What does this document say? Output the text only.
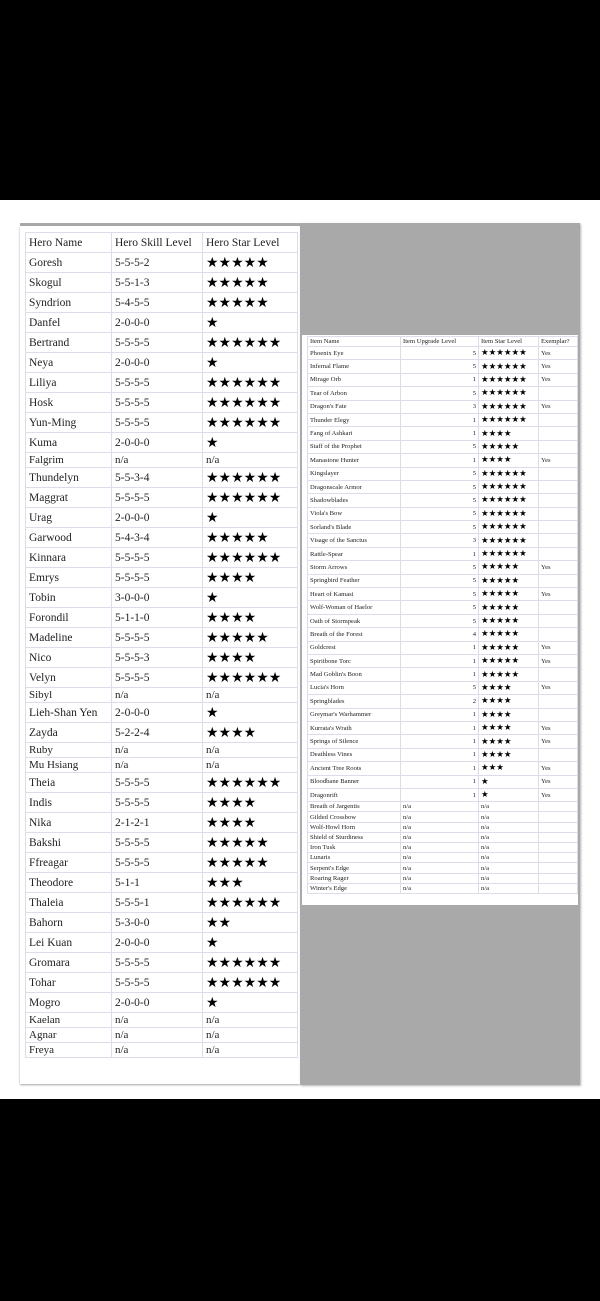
Hero Name	Hero Skill Level	Hero Star Level
Goresh	5-5-5-2	★★★★★
Skogul	5-5-1-3	★★★★★
Syndrion	5-4-5-5	★★★★★
Danfel	2-0-0-0	★
Bertrand	5-5-5-5	★★★★★★
Neya	2-0-0-0	★
Liliya	5-5-5-5	★★★★★★
Hosk	5-5-5-5	★★★★★★
Yun-Ming	5-5-5-5	★★★★★★
Kuma	2-0-0-0	★
Falgrim	n/a	n/a
Thundelyn	5-5-3-4	★★★★★★
Maggrat	5-5-5-5	★★★★★★
Urag	2-0-0-0	★
Garwood	5-4-3-4	★★★★★
Kinnara	5-5-5-5	★★★★★★
Emrys	5-5-5-5	★★★★
Tobin	3-0-0-0	★
Forondil	5-1-1-0	★★★★
Madeline	5-5-5-5	★★★★★
Nico	5-5-5-3	★★★★
Velyn	5-5-5-5	★★★★★★
Sibyl	n/a	n/a
Lieh-Shan Yen	2-0-0-0	★
Zayda	5-2-2-4	★★★★
Ruby	n/a	n/a
Mu Hsiang	n/a	n/a
Theia	5-5-5-5	★★★★★★
Indis	5-5-5-5	★★★★
Nika	2-1-2-1	★★★★
Bakshi	5-5-5-5	★★★★★
Ffreagar	5-5-5-5	★★★★★
Theodore	5-1-1	★★★
Thaleia	5-5-5-1	★★★★★★
Bahorn	5-3-0-0	★★
Lei Kuan	2-0-0-0	★
Gromara	5-5-5-5	★★★★★★
Tohar	5-5-5-5	★★★★★★
Mogro	2-0-0-0	★
Kaelan	n/a	n/a
Agnar	n/a	n/a
Freya	n/a	n/a
Item Name	Item Upgrade Level	Item Star Level	Exemplar?
Phoenix Eye	5	★★★★★★	Yes
Infernal Flame	5	★★★★★★	Yes
Mirage Orb	1	★★★★★★	Yes
Tear of Arbon	5	★★★★★★	
Dragon's Fate	3	★★★★★★	Yes
Thunder Elegy	1	★★★★★★	
Fang of Ashkari	1	★★★★	
Staff of the Prophet	5	★★★★★	
Manastone Hunter	1	★★★★	Yes
Kingslayer	5	★★★★★★	
Dragonscale Armor	5	★★★★★★	
Shadowblades	5	★★★★★★	
Viola's Bow	5	★★★★★★	
Sorland's Blade	5	★★★★★★	
Visage of the Sanctus	3	★★★★★★	
Rattle-Spear	1	★★★★★★	
Storm Arrows	5	★★★★★	Yes
Springbird Feather	5	★★★★★	
Heart of Kamasi	5	★★★★★	Yes
Wolf-Woman of Haelor	5	★★★★★	
Oath of Stormpeak	5	★★★★★	
Breath of the Forest	4	★★★★★	
Goldcrest	1	★★★★★	Yes
Spiritbone Torc	1	★★★★★	Yes
Mad Goblin's Boon	1	★★★★★	
Lucia's Horn	5	★★★★	Yes
Springblades	2	★★★★	
Greymar's Warhammer	1	★★★★	
Kurrata's Wrath	1	★★★★	Yes
Springs of Silence	1	★★★★	Yes
Deathless Vines	1	★★★★	
Ancient Tree Roots	1	★★★	Yes
Bloodbane Banner	1	★	Yes
Dragonrift	1	★	Yes
Breath of Jargentis	n/a	n/a	
Gilded Crossbow	n/a	n/a	
Wolf-Howl Horn	n/a	n/a	
Shield of Sturdiness	n/a	n/a	
Iron Tusk	n/a	n/a	
Lunaris	n/a	n/a	
Serpent's Edge	n/a	n/a	
Roaring Rager	n/a	n/a	
Winter's Edge	n/a	n/a	
